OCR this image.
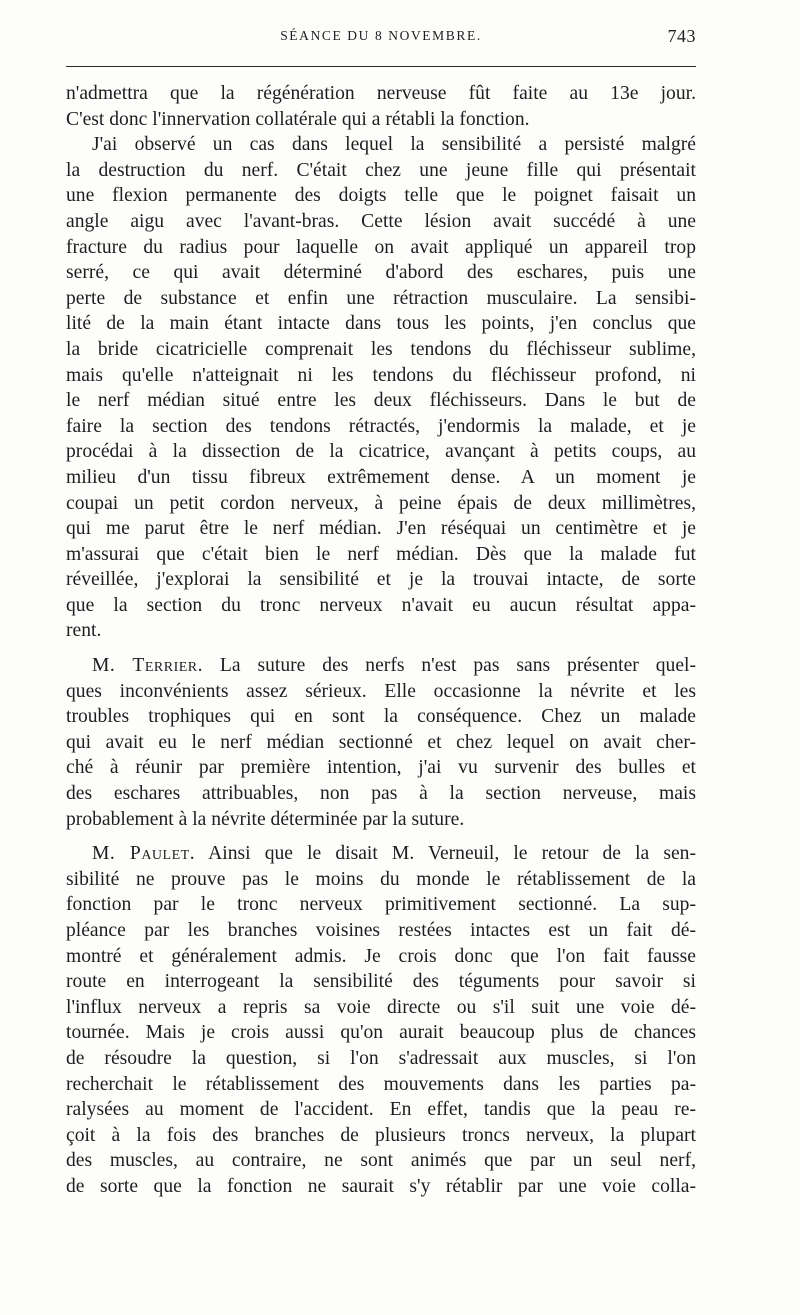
SÉANCE DU 8 NOVEMBRE.	743
n'admettra que la régénération nerveuse fût faite au 13e jour.
C'est donc l'innervation collatérale qui a rétabli la fonction.
J'ai observé un cas dans lequel la sensibilité a persisté malgré
la destruction du nerf. C'était chez une jeune fille qui présentait
une flexion permanente des doigts telle que le poignet faisait un
angle aigu avec l'avant-bras. Cette lésion avait succédé à une
fracture du radius pour laquelle on avait appliqué un appareil trop
serré, ce qui avait déterminé d'abord des eschares, puis une
perte de substance et enfin une rétraction musculaire. La sensibi-
lité de la main étant intacte dans tous les points, j'en conclus que
la bride cicatricielle comprenait les tendons du fléchisseur sublime,
mais qu'elle n'atteignait ni les tendons du fléchisseur profond, ni
le nerf médian situé entre les deux fléchisseurs. Dans le but de
faire la section des tendons rétractés, j'endormis la malade, et je
procédai à la dissection de la cicatrice, avançant à petits coups, au
milieu d'un tissu fibreux extrêmement dense. A un moment je
coupai un petit cordon nerveux, à peine épais de deux millimètres,
qui me parut être le nerf médian. J'en réséquai un centimètre et je
m'assurai que c'était bien le nerf médian. Dès que la malade fut
réveillée, j'explorai la sensibilité et je la trouvai intacte, de sorte
que la section du tronc nerveux n'avait eu aucun résultat appa-
rent.
M. Terrier. La suture des nerfs n'est pas sans présenter quel-
ques inconvénients assez sérieux. Elle occasionne la névrite et les
troubles trophiques qui en sont la conséquence. Chez un malade
qui avait eu le nerf médian sectionné et chez lequel on avait cher-
ché à réunir par première intention, j'ai vu survenir des bulles et
des eschares attribuables, non pas à la section nerveuse, mais
probablement à la névrite déterminée par la suture.
M. Paulet. Ainsi que le disait M. Verneuil, le retour de la sen-
sibilité ne prouve pas le moins du monde le rétablissement de la
fonction par le tronc nerveux primitivement sectionné. La sup-
pléance par les branches voisines restées intactes est un fait dé-
montré et généralement admis. Je crois donc que l'on fait fausse
route en interrogeant la sensibilité des téguments pour savoir si
l'influx nerveux a repris sa voie directe ou s'il suit une voie dé-
tournée. Mais je crois aussi qu'on aurait beaucoup plus de chances
de résoudre la question, si l'on s'adressait aux muscles, si l'on
recherchait le rétablissement des mouvements dans les parties pa-
ralysées au moment de l'accident. En effet, tandis que la peau re-
çoit à la fois des branches de plusieurs troncs nerveux, la plupart
des muscles, au contraire, ne sont animés que par un seul nerf,
de sorte que la fonction ne saurait s'y rétablir par une voie colla-
